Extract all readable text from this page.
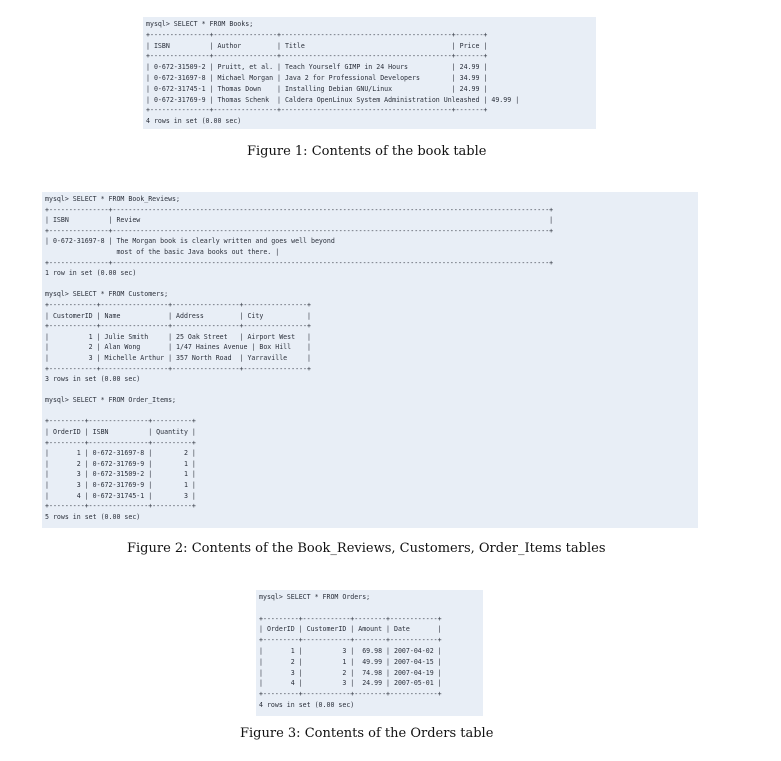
mysql> SELECT * FROM Books;
+---------------+----------------+-------------------------------------------+-------+
| ISBN          | Author         | Title                                     | Price |
+---------------+----------------+-------------------------------------------+-------+
| 0-672-31509-2 | Pruitt, et al. | Teach Yourself GIMP in 24 Hours           | 24.99 |
| 0-672-31697-8 | Michael Morgan | Java 2 for Professional Developers        | 34.99 |
| 0-672-31745-1 | Thomas Down    | Installing Debian GNU/Linux               | 24.99 |
| 0-672-31769-9 | Thomas Schenk  | Caldera OpenLinux System Administration Unleashed | 49.99 |
+---------------+----------------+-------------------------------------------+-------+
4 rows in set (0.00 sec)
Figure 1: Contents of the book table
mysql> SELECT * FROM Book_Reviews;
+---------------+--------------------------------------------------------------------------------------------------------------+
| ISBN          | Review                                                                                                       |
+---------------+--------------------------------------------------------------------------------------------------------------+
| 0-672-31697-8 | The Morgan book is clearly written and goes well beyond
most of the basic Java books out there. |
+---------------+--------------------------------------------------------------------------------------------------------------+
1 row in set (0.00 sec)

mysql> SELECT * FROM Customers;
+------------+-----------------+-----------------+----------------+
| CustomerID | Name            | Address         | City           |
+------------+-----------------+-----------------+----------------+
|          1 | Julie Smith     | 25 Oak Street   | Airport West   |
|          2 | Alan Wong       | 1/47 Haines Avenue | Box Hill    |
|          3 | Michelle Arthur | 357 North Road  | Yarraville     |
+------------+-----------------+-----------------+----------------+
3 rows in set (0.00 sec)

mysql> SELECT * FROM Order_Items;

+---------+---------------+----------+
| OrderID | ISBN          | Quantity |
+---------+---------------+----------+
|       1 | 0-672-31697-8 |        2 |
|       2 | 0-672-31769-9 |        1 |
|       3 | 0-672-31509-2 |        1 |
|       3 | 0-672-31769-9 |        1 |
|       4 | 0-672-31745-1 |        3 |
+---------+---------------+----------+
5 rows in set (0.00 sec)
Figure 2: Contents of the Book_Reviews, Customers, Order_Items tables
mysql> SELECT * FROM Orders;

+---------+------------+--------+------------+
| OrderID | CustomerID | Amount | Date       |
+---------+------------+--------+------------+
|       1 |          3 |  69.98 | 2007-04-02 |
|       2 |          1 |  49.99 | 2007-04-15 |
|       3 |          2 |  74.98 | 2007-04-19 |
|       4 |          3 |  24.99 | 2007-05-01 |
+---------+------------+--------+------------+
4 rows in set (0.00 sec)
Figure 3: Contents of the Orders table
